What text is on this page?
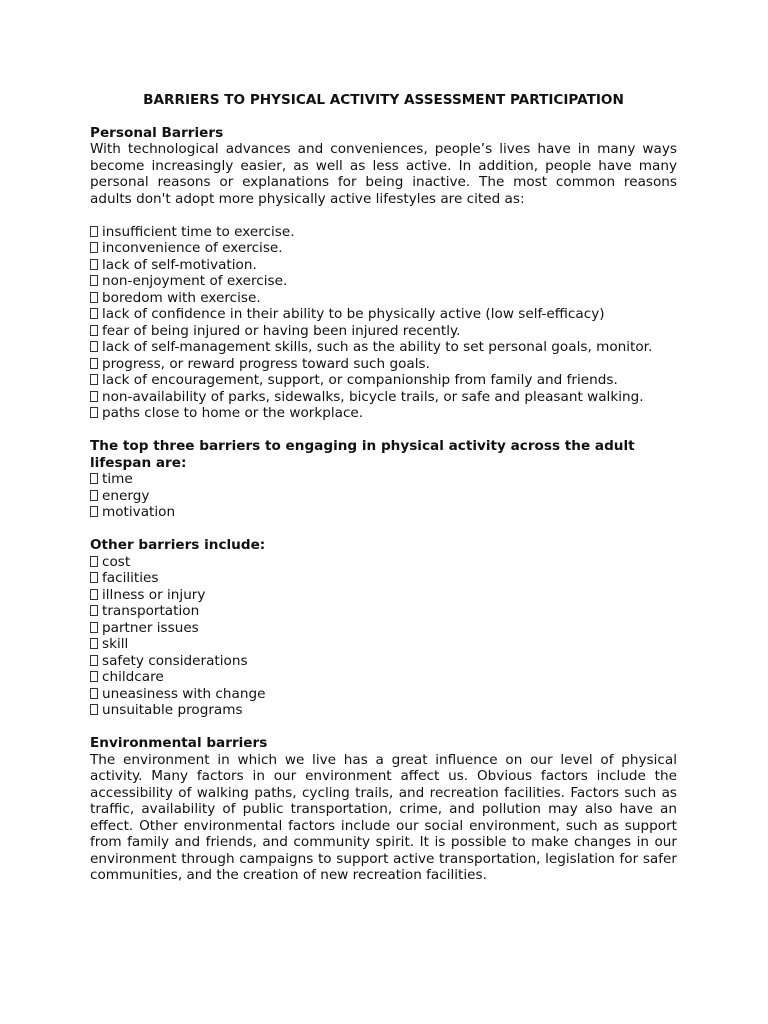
BARRIERS TO PHYSICAL ACTIVITY ASSESSMENT PARTICIPATION
Personal Barriers

With technological advances and conveniences, people’s lives have in many ways become increasingly easier, as well as less active. In addition, people have many personal reasons or explanations for being inactive. The most common reasons adults don't adopt more physically active lifestyles are cited as:

insufficient time to exercise.
inconvenience of exercise.
lack of self-motivation.
non-enjoyment of exercise.
boredom with exercise.
lack of confidence in their ability to be physically active (low self-efficacy)
fear of being injured or having been injured recently.
lack of self-management skills, such as the ability to set personal goals, monitor.
progress, or reward progress toward such goals.
lack of encouragement, support, or companionship from family and friends.
non-availability of parks, sidewalks, bicycle trails, or safe and pleasant walking.
paths close to home or the workplace.
The top three barriers to engaging in physical activity across the adult lifespan are:
time
energy
motivation
Other barriers include:
cost
facilities
illness or injury
transportation
partner issues
skill
safety considerations
childcare
uneasiness with change
unsuitable programs
Environmental barriers

The environment in which we live has a great influence on our level of physical activity. Many factors in our environment affect us. Obvious factors include the accessibility of walking paths, cycling trails, and recreation facilities. Factors such as traffic, availability of public transportation, crime, and pollution may also have an effect. Other environmental factors include our social environment, such as support from family and friends, and community spirit. It is possible to make changes in our environment through campaigns to support active transportation, legislation for safer communities, and the creation of new recreation facilities.
